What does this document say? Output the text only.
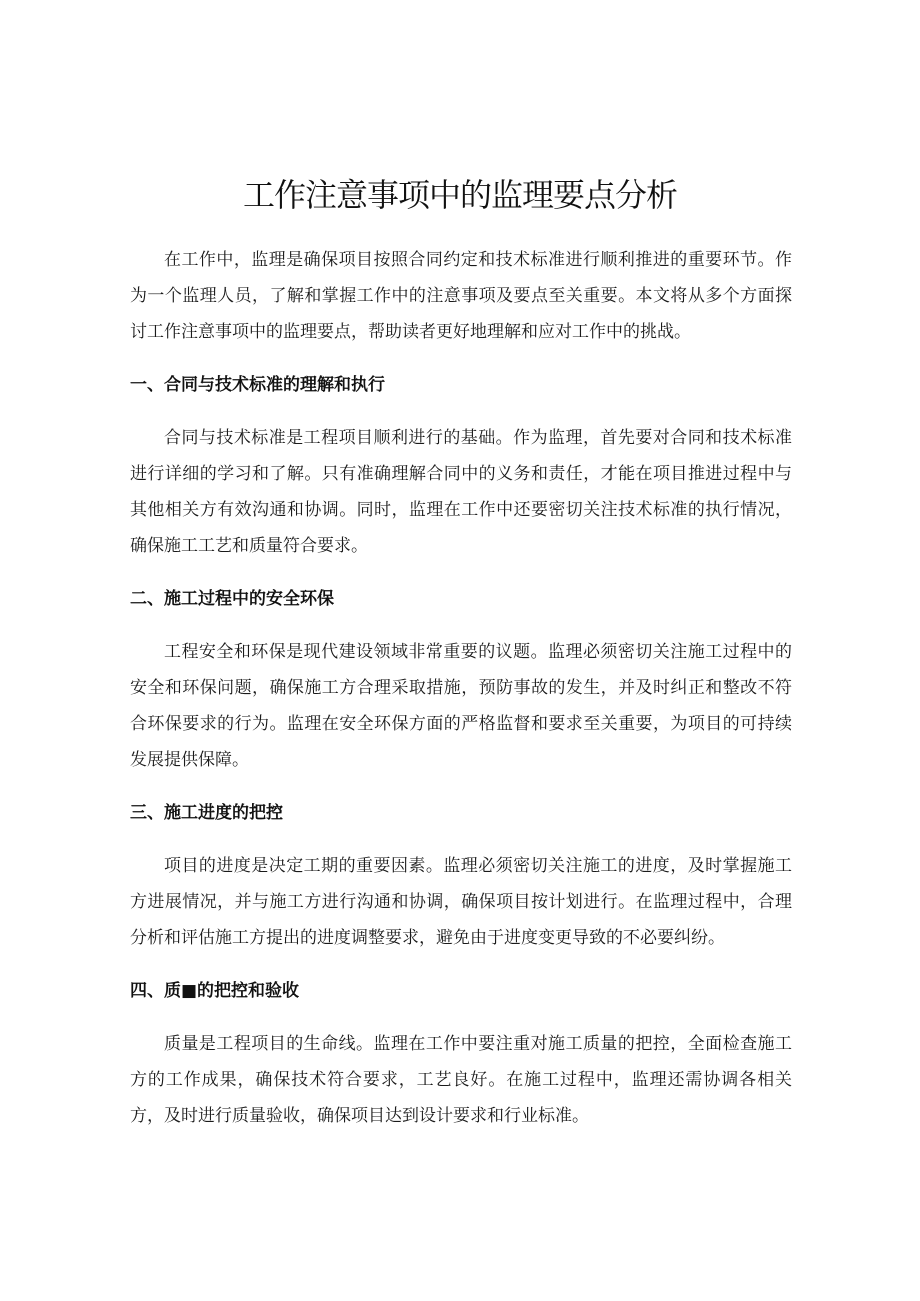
工作注意事项中的监理要点分析

在工作中，监理是确保项目按照合同约定和技术标准进行顺利推进的重要环节。作为一个监理人员，了解和掌握工作中的注意事项及要点至关重要。本文将从多个方面探讨工作注意事项中的监理要点，帮助读者更好地理解和应对工作中的挑战。

一、合同与技术标准的理解和执行

合同与技术标准是工程项目顺利进行的基础。作为监理，首先要对合同和技术标准进行详细的学习和了解。只有准确理解合同中的义务和责任，才能在项目推进过程中与其他相关方有效沟通和协调。同时，监理在工作中还要密切关注技术标准的执行情况，确保施工工艺和质量符合要求。

二、施工过程中的安全环保

工程安全和环保是现代建设领域非常重要的议题。监理必须密切关注施工过程中的安全和环保问题，确保施工方合理采取措施，预防事故的发生，并及时纠正和整改不符合环保要求的行为。监理在安全环保方面的严格监督和要求至关重要，为项目的可持续发展提供保障。

三、施工进度的把控

项目的进度是决定工期的重要因素。监理必须密切关注施工的进度，及时掌握施工方进展情况，并与施工方进行沟通和协调，确保项目按计划进行。在监理过程中，合理分析和评估施工方提出的进度调整要求，避免由于进度变更导致的不必要纠纷。

四、质■的把控和验收

质量是工程项目的生命线。监理在工作中要注重对施工质量的把控，全面检查施工方的工作成果，确保技术符合要求，工艺良好。在施工过程中，监理还需协调各相关方，及时进行质量验收，确保项目达到设计要求和行业标准。
